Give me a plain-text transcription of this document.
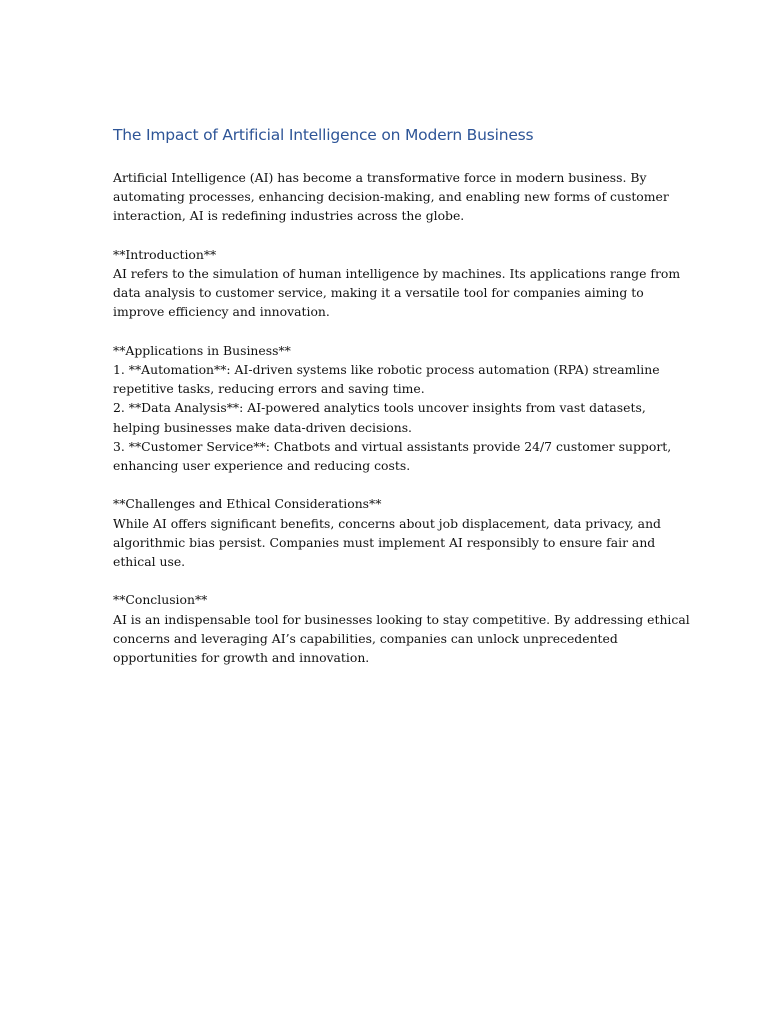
The Impact of Artificial Intelligence on Modern Business

Artificial Intelligence (AI) has become a transformative force in modern business. By
automating processes, enhancing decision-making, and enabling new forms of customer
interaction, AI is redefining industries across the globe.

**Introduction**
AI refers to the simulation of human intelligence by machines. Its applications range from
data analysis to customer service, making it a versatile tool for companies aiming to
improve efficiency and innovation.

**Applications in Business**
1. **Automation**: AI-driven systems like robotic process automation (RPA) streamline
repetitive tasks, reducing errors and saving time.
2. **Data Analysis**: AI-powered analytics tools uncover insights from vast datasets,
helping businesses make data-driven decisions.
3. **Customer Service**: Chatbots and virtual assistants provide 24/7 customer support,
enhancing user experience and reducing costs.

**Challenges and Ethical Considerations**
While AI offers significant benefits, concerns about job displacement, data privacy, and
algorithmic bias persist. Companies must implement AI responsibly to ensure fair and
ethical use.

**Conclusion**
AI is an indispensable tool for businesses looking to stay competitive. By addressing ethical
concerns and leveraging AI’s capabilities, companies can unlock unprecedented
opportunities for growth and innovation.
